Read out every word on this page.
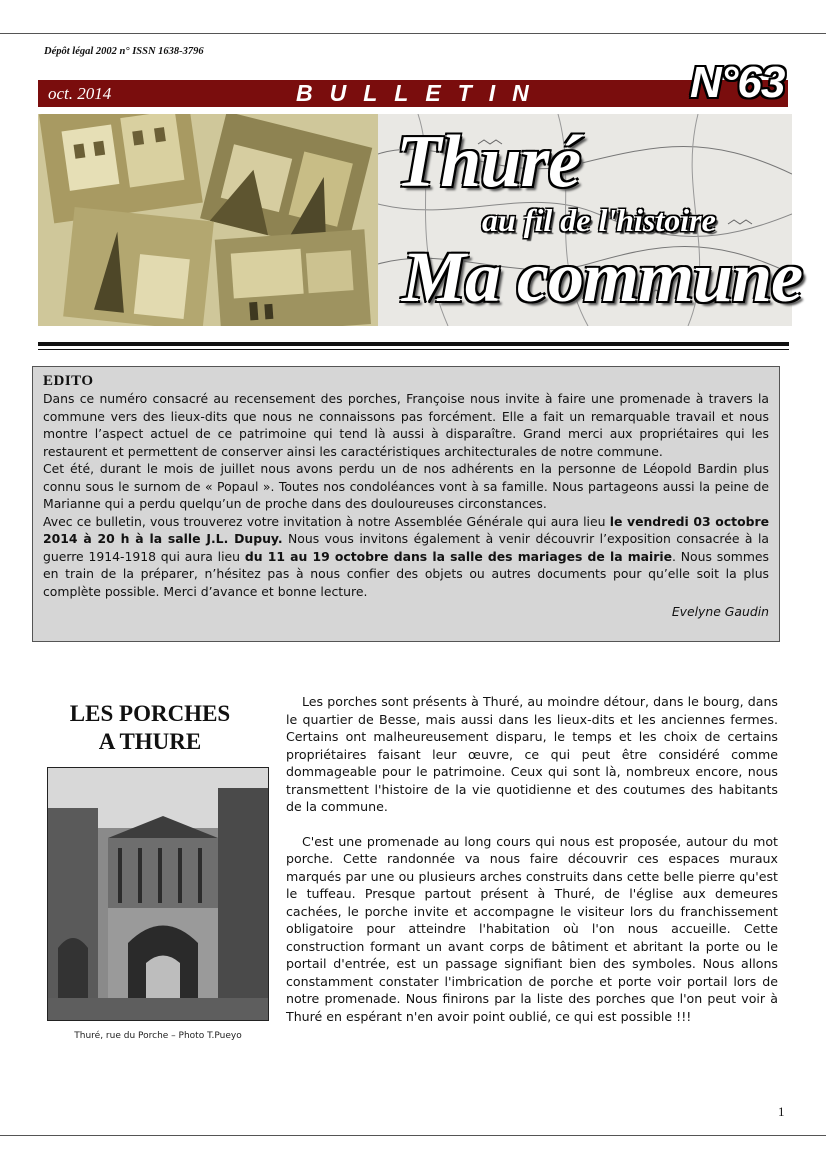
Dépôt légal 2002 n° ISSN 1638-3796
oct. 2014	BULLETIN
Thuré
au fil de l'histoire
Ma commune
N°63
EDITO

Dans ce numéro consacré au recensement des porches, Françoise nous invite à faire une promenade à travers la commune vers des lieux-dits que nous ne connaissons pas forcément. Elle a fait un remarquable travail et nous montre l’aspect actuel de ce patrimoine qui tend là aussi à disparaître. Grand merci aux propriétaires qui les restaurent et permettent de conserver ainsi les caractéristiques architecturales de notre commune.

Cet été, durant le mois de juillet nous avons perdu un de nos adhérents en la personne de Léopold Bardin plus connu sous le surnom de « Popaul ». Toutes nos condoléances vont à sa famille. Nous partageons aussi la peine de Marianne qui a perdu quelqu’un de proche dans des douloureuses circonstances.

Avec ce bulletin, vous trouverez votre invitation à notre Assemblée Générale qui aura lieu le vendredi 03 octobre 2014 à 20 h à la salle J.L. Dupuy. Nous vous invitons également à venir découvrir l’exposition consacrée à la guerre 1914-1918 qui aura lieu du 11 au 19 octobre dans la salle des mariages de la mairie. Nous sommes en train de la préparer, n’hésitez pas à nous confier des objets ou autres documents pour qu’elle soit la plus complète possible. Merci d’avance et bonne lecture.

Evelyne Gaudin
LES PORCHES
A THURE
Thuré, rue du Porche – Photo T.Pueyo

Les porches sont présents à Thuré, au moindre détour, dans le bourg, dans le quartier de Besse, mais aussi dans les lieux-dits et les anciennes fermes. Certains ont malheureusement disparu, le temps et les choix de certains propriétaires faisant leur œuvre, ce qui peut être considéré comme dommageable pour le patrimoine. Ceux qui sont là, nombreux encore, nous transmettent l'histoire de la vie quotidienne et des coutumes des habitants de la commune.

C'est une promenade au long cours qui nous est proposée, autour du mot porche. Cette randonnée va nous faire découvrir ces espaces muraux marqués par une ou plusieurs arches construits dans cette belle pierre qu'est le tuffeau. Presque partout présent à Thuré, de l'église aux demeures cachées, le porche invite et accompagne le visiteur lors du franchissement obligatoire pour atteindre l'habitation où l'on nous accueille. Cette construction formant un avant corps de bâtiment et abritant la porte ou le portail d'entrée, est un passage signifiant bien des symboles. Nous allons constamment constater l'imbrication de porche et porte voir portail lors de notre promenade. Nous finirons par la liste des porches que l'on peut voir à Thuré en espérant n'en avoir point oublié, ce qui est possible !!!

1
